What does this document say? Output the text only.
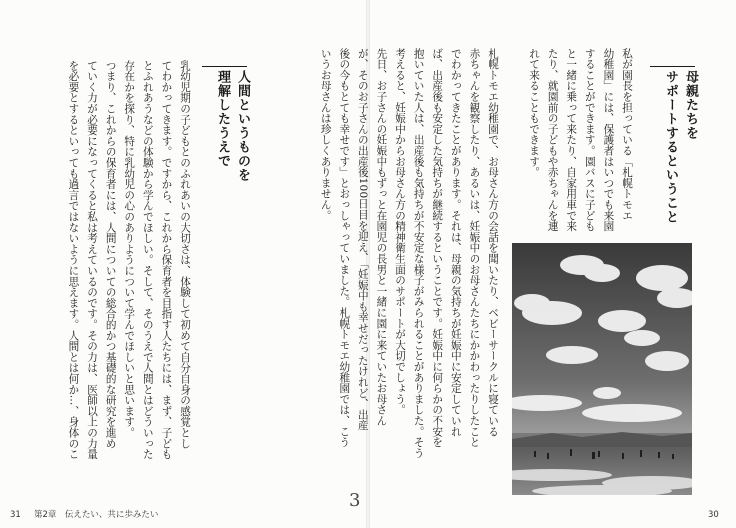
母親たちを
サポートするということ
私が園長を担っている「札幌トモエ
幼稚園」には、保護者はいつでも来園
することができます。園バスに子ども
と一緒に乗って来たり、自家用車で来
たり、就園前の子どもや赤ちゃんを連
れて来ることもできます。
札幌トモエ幼稚園で、お母さん方の会話を聞いたり、ベビーサークルに寝ている
赤ちゃんを観察したり、あるいは、妊娠中のお母さんたちにかかわったりしたこと
でわかってきたことがあります。それは、母親の気持ちが妊娠中に安定していれ
ば、出産後も安定した気持ちが継続するということです。妊娠中に何らかの不安を
抱いていた人は、出産後も気持ちが不安定な様子がみられることがありました。そう
考えると、妊娠中からお母さん方の精神衛生面のサポートが大切でしょう。
先日、お子さんの妊娠中もずっと在園児の長男と一緒に園に来ていたお母さん
が、そのお子さんの出産後100日目を迎え、「妊娠中も幸せだったけれど、出産
後の今もとても幸せです」とおっしゃっていました。札幌トモエ幼稚園では、こう
いうお母さんは珍しくありません。
人間というものを
理解したうえで
乳幼児期の子どもとのふれあいの大切さは、体験して初めて自分自身の感覚とし
てわかってきます。ですから、これから保育者を目指す人たちには、まず、子ども
とふれあうなどの体験から学んでほしい。そして、そのうえで人間とはどういった
存在かを探り、特に乳幼児の心のありようについて学んでほしいと思います。
つまり、これからの保育者には、人間についての総合的かつ基礎的な研究を進め
ていく力が必要になってくると私は考えているのです。その力は、医師以上の力量
を必要とするといっても過言ではないように思えます。人間とは何か…、身体のこ
31 第2章　伝えたい、共に歩みたい
3
30
